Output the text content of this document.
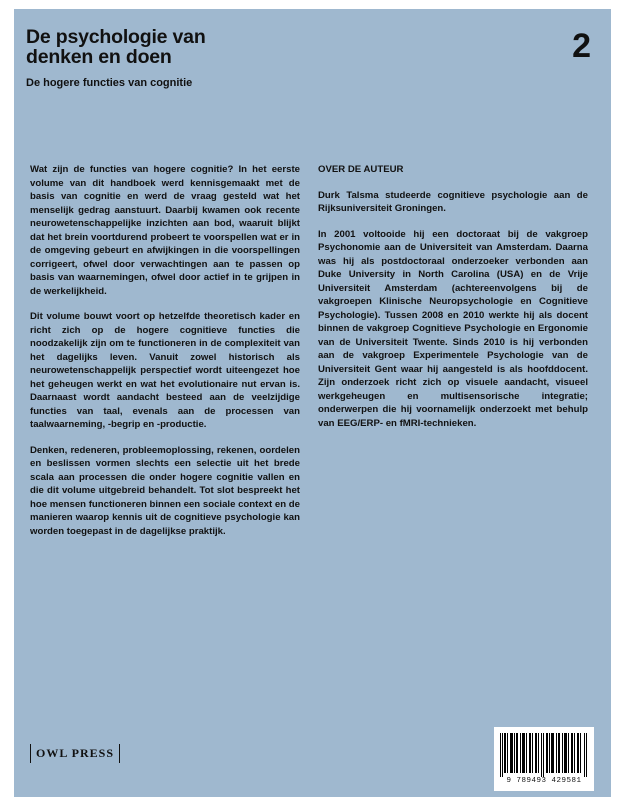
De psychologie van
denken en doen

De hogere functies van cognitie

2

Wat zijn de functies van hogere cognitie? In het eerste volume van dit handboek werd kennisgemaakt met de basis van cognitie en werd de vraag gesteld wat het menselijk gedrag aanstuurt. Daarbij kwamen ook recente neurowetenschappelijke inzichten aan bod, waaruit blijkt dat het brein voortdurend probeert te voorspellen wat er in de omgeving gebeurt en afwijkingen in die voorspellingen corrigeert, ofwel door verwachtingen aan te passen op basis van waarnemingen, ofwel door actief in te grijpen in de werkelijkheid.

Dit volume bouwt voort op hetzelfde theoretisch kader en richt zich op de hogere cognitieve functies die noodzakelijk zijn om te functioneren in de complexiteit van het dagelijks leven. Vanuit zowel historisch als neurowetenschappelijk perspectief wordt uiteengezet hoe het geheugen werkt en wat het evolutionaire nut ervan is. Daarnaast wordt aandacht besteed aan de veelzijdige functies van taal, evenals aan de processen van taalwaarneming, -begrip en -productie.

Denken, redeneren, probleemoplossing, rekenen, oordelen en beslissen vormen slechts een selectie uit het brede scala aan processen die onder hogere cognitie vallen en die dit volume uitgebreid behandelt. Tot slot bespreekt het hoe mensen functioneren binnen een sociale context en de manieren waarop kennis uit de cognitieve psychologie kan worden toegepast in de dagelijkse praktijk.

OVER DE AUTEUR

Durk Talsma studeerde cognitieve psychologie aan de Rijksuniversiteit Groningen.

In 2001 voltooide hij een doctoraat bij de vakgroep Psychonomie aan de Universiteit van Amsterdam. Daarna was hij als postdoctoraal onderzoeker verbonden aan Duke University in North Carolina (USA) en de Vrije Universiteit Amsterdam (achtereenvolgens bij de vakgroepen Klinische Neuropsychologie en Cognitieve Psychologie). Tussen 2008 en 2010 werkte hij als docent binnen de vakgroep Cognitieve Psychologie en Ergonomie van de Universiteit Twente. Sinds 2010 is hij verbonden aan de vakgroep Experimentele Psychologie van de Universiteit Gent waar hij aangesteld is als hoofddocent. Zijn onderzoek richt zich op visuele aandacht, visueel werkgeheugen en multisensorische integratie; onderwerpen die hij voornamelijk onderzoekt met behulp van EEG/ERP- en fMRI-technieken.

OWL PRESS
9 789493 429581
